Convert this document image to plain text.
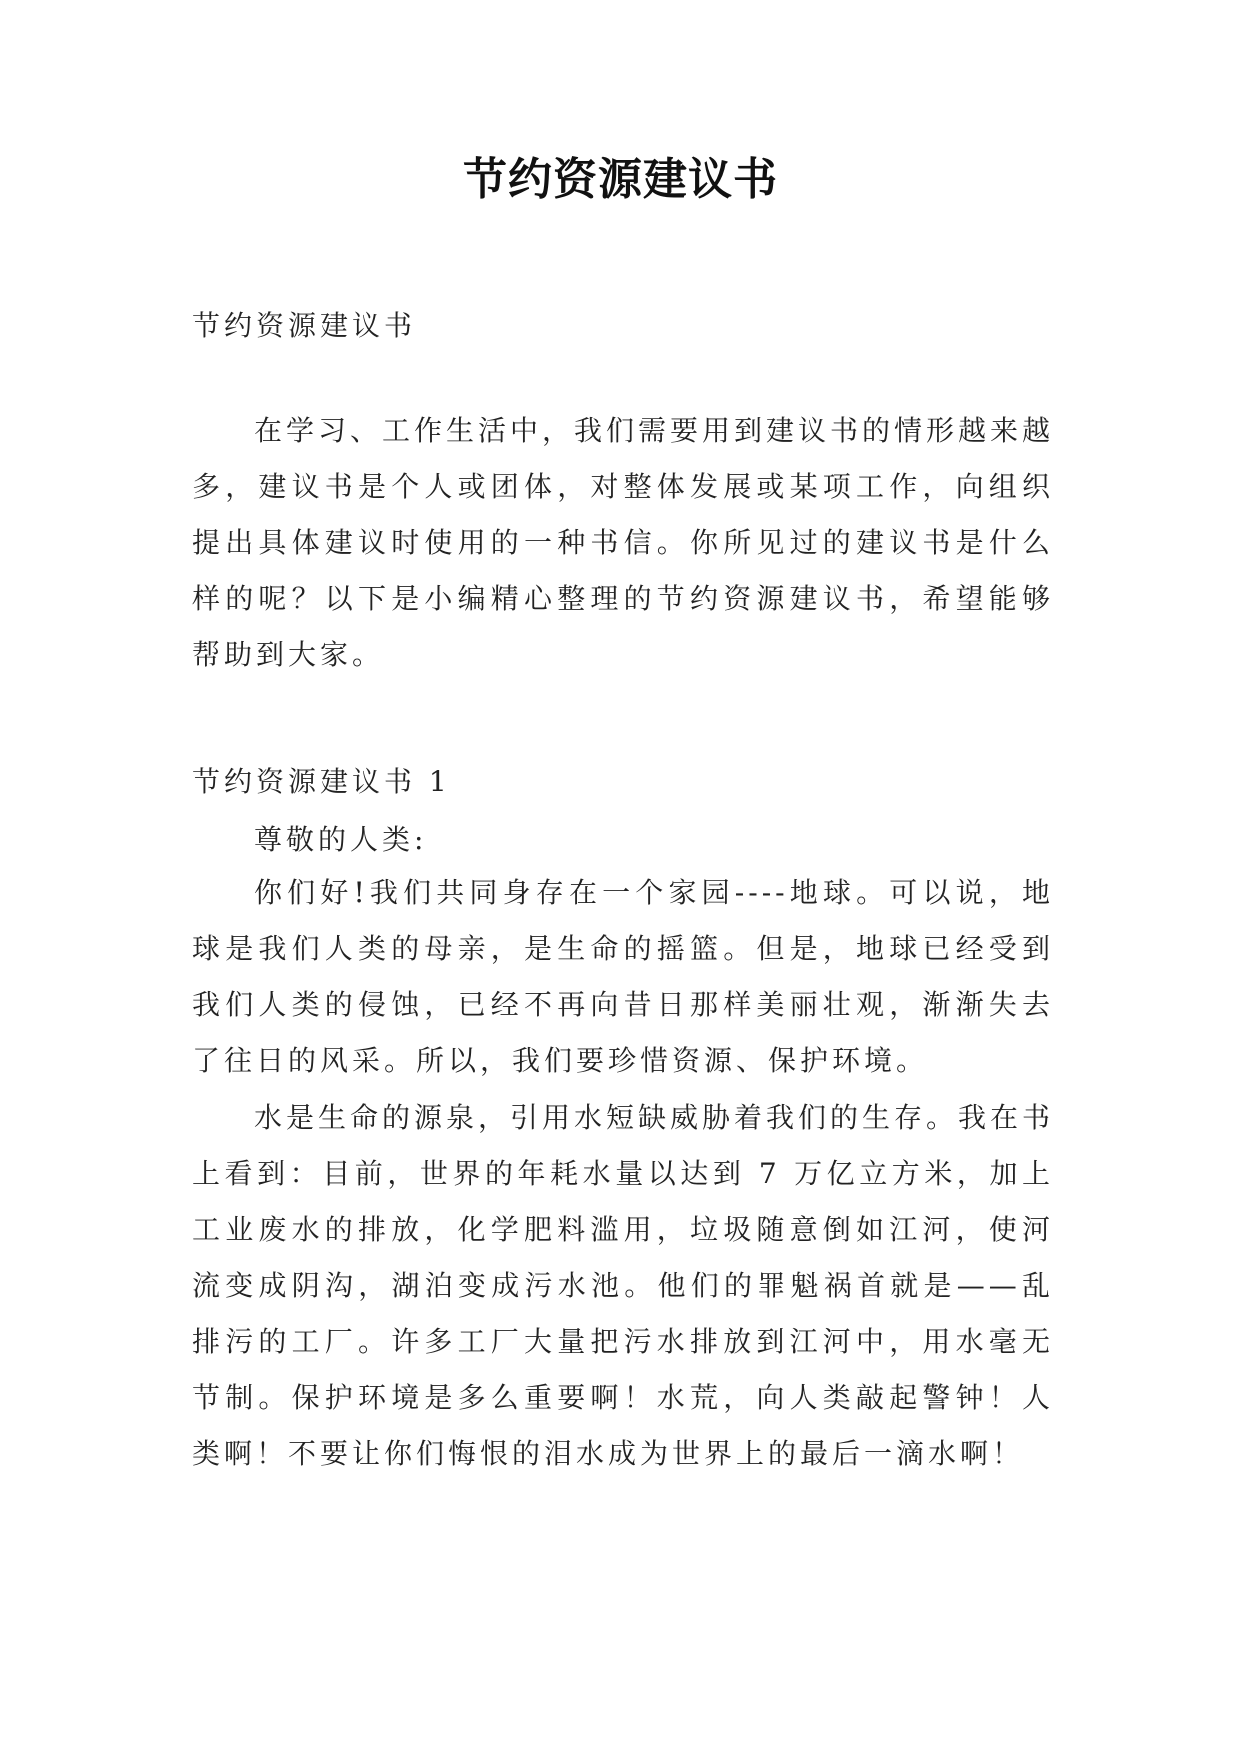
节约资源建议书

节约资源建议书

在学习、工作生活中，我们需要用到建议书的情形越来越多，建议书是个人或团体，对整体发展或某项工作，向组织提出具体建议时使用的一种书信。你所见过的建议书是什么样的呢？以下是小编精心整理的节约资源建议书，希望能够帮助到大家。

节约资源建议书 1

尊敬的人类:

你们好!我们共同身存在一个家园----地球。可以说，地球是我们人类的母亲，是生命的摇篮。但是，地球已经受到我们人类的侵蚀，已经不再向昔日那样美丽壮观，渐渐失去了往日的风采。所以，我们要珍惜资源、保护环境。

水是生命的源泉，引用水短缺威胁着我们的生存。我在书上看到：目前，世界的年耗水量以达到 7 万亿立方米，加上工业废水的排放，化学肥料滥用，垃圾随意倒如江河，使河流变成阴沟，湖泊变成污水池。他们的罪魁祸首就是——乱排污的工厂。许多工厂大量把污水排放到江河中，用水毫无节制。保护环境是多么重要啊！水荒，向人类敲起警钟！人类啊！不要让你们悔恨的泪水成为世界上的最后一滴水啊！
